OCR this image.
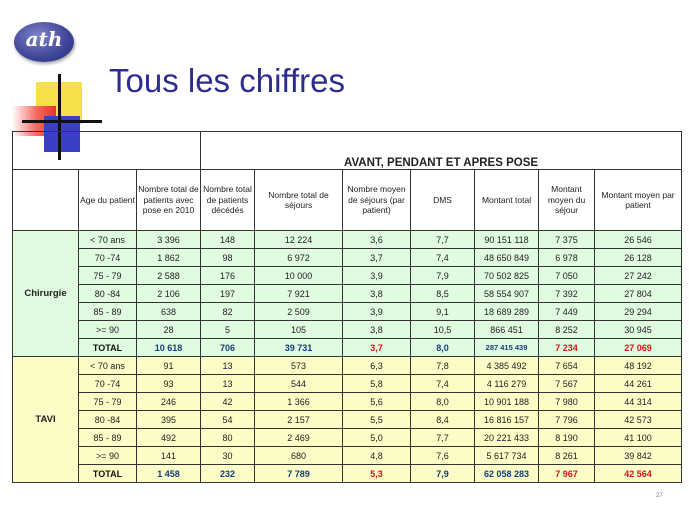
ath
Tous les chiffres
			AVANT, PENDANT ET APRES POSE						
	Age du patient	Nombre total de patients avec pose en 2010	Nombre total de patients décédés	Nombre total de séjours	Nombre moyen de séjours (par patient)	DMS	Montant total	Montant moyen du séjour	Montant moyen par patient
Chirurgie	< 70 ans	3 396	148	12 224	3,6	7,7	90 151 118	7 375	26 546
	70 -74	1 862	98	6 972	3,7	7,4	48 650 849	6 978	26 128
	75 - 79	2 588	176	10 000	3,9	7,9	70 502 825	7 050	27 242
	80 -84	2 106	197	7 921	3,8	8,5	58 554 907	7 392	27 804
	85 - 89	638	82	2 509	3,9	9,1	18 689 289	7 449	29 294
	>= 90	28	5	105	3,8	10,5	866 451	8 252	30 945
	TOTAL	10 618	706	39 731	3,7	8,0	287 415 439	7 234	27 069
TAVI	< 70 ans	91	13	573	6,3	7,8	4 385 492	7 654	48 192
	70 -74	93	13	544	5,8	7,4	4 116 279	7 567	44 261
	75 - 79	246	42	1 366	5,6	8,0	10 901 188	7 980	44 314
	80 -84	395	54	2 157	5,5	8,4	16 816 157	7 796	42 573
	85 - 89	492	80	2 469	5,0	7,7	20 221 433	8 190	41 100
	>= 90	141	30	680	4,8	7,6	5 617 734	8 261	39 842
	TOTAL	1 458	232	7 789	5,3	7,9	62 058 283	7 967	42 564
27
